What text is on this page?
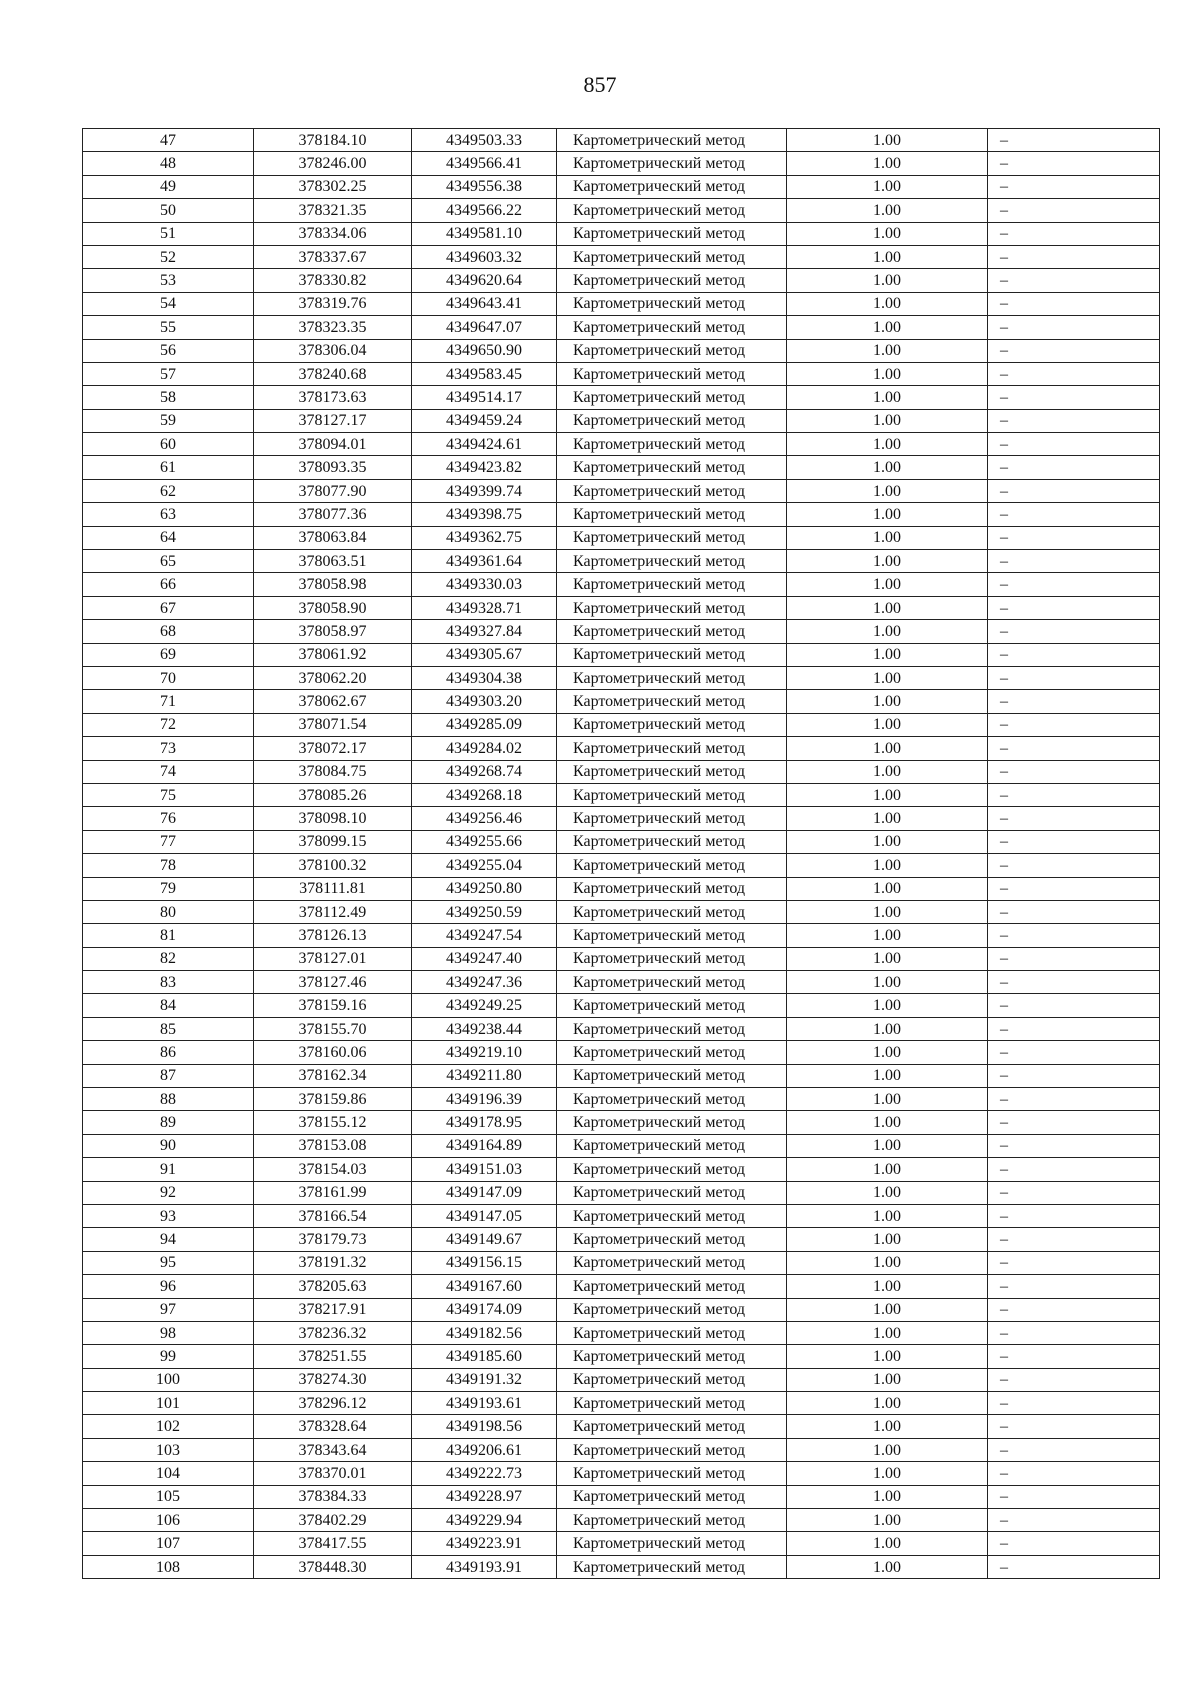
857
47	378184.10	4349503.33	Картометрический метод	1.00	–
48	378246.00	4349566.41	Картометрический метод	1.00	–
49	378302.25	4349556.38	Картометрический метод	1.00	–
50	378321.35	4349566.22	Картометрический метод	1.00	–
51	378334.06	4349581.10	Картометрический метод	1.00	–
52	378337.67	4349603.32	Картометрический метод	1.00	–
53	378330.82	4349620.64	Картометрический метод	1.00	–
54	378319.76	4349643.41	Картометрический метод	1.00	–
55	378323.35	4349647.07	Картометрический метод	1.00	–
56	378306.04	4349650.90	Картометрический метод	1.00	–
57	378240.68	4349583.45	Картометрический метод	1.00	–
58	378173.63	4349514.17	Картометрический метод	1.00	–
59	378127.17	4349459.24	Картометрический метод	1.00	–
60	378094.01	4349424.61	Картометрический метод	1.00	–
61	378093.35	4349423.82	Картометрический метод	1.00	–
62	378077.90	4349399.74	Картометрический метод	1.00	–
63	378077.36	4349398.75	Картометрический метод	1.00	–
64	378063.84	4349362.75	Картометрический метод	1.00	–
65	378063.51	4349361.64	Картометрический метод	1.00	–
66	378058.98	4349330.03	Картометрический метод	1.00	–
67	378058.90	4349328.71	Картометрический метод	1.00	–
68	378058.97	4349327.84	Картометрический метод	1.00	–
69	378061.92	4349305.67	Картометрический метод	1.00	–
70	378062.20	4349304.38	Картометрический метод	1.00	–
71	378062.67	4349303.20	Картометрический метод	1.00	–
72	378071.54	4349285.09	Картометрический метод	1.00	–
73	378072.17	4349284.02	Картометрический метод	1.00	–
74	378084.75	4349268.74	Картометрический метод	1.00	–
75	378085.26	4349268.18	Картометрический метод	1.00	–
76	378098.10	4349256.46	Картометрический метод	1.00	–
77	378099.15	4349255.66	Картометрический метод	1.00	–
78	378100.32	4349255.04	Картометрический метод	1.00	–
79	378111.81	4349250.80	Картометрический метод	1.00	–
80	378112.49	4349250.59	Картометрический метод	1.00	–
81	378126.13	4349247.54	Картометрический метод	1.00	–
82	378127.01	4349247.40	Картометрический метод	1.00	–
83	378127.46	4349247.36	Картометрический метод	1.00	–
84	378159.16	4349249.25	Картометрический метод	1.00	–
85	378155.70	4349238.44	Картометрический метод	1.00	–
86	378160.06	4349219.10	Картометрический метод	1.00	–
87	378162.34	4349211.80	Картометрический метод	1.00	–
88	378159.86	4349196.39	Картометрический метод	1.00	–
89	378155.12	4349178.95	Картометрический метод	1.00	–
90	378153.08	4349164.89	Картометрический метод	1.00	–
91	378154.03	4349151.03	Картометрический метод	1.00	–
92	378161.99	4349147.09	Картометрический метод	1.00	–
93	378166.54	4349147.05	Картометрический метод	1.00	–
94	378179.73	4349149.67	Картометрический метод	1.00	–
95	378191.32	4349156.15	Картометрический метод	1.00	–
96	378205.63	4349167.60	Картометрический метод	1.00	–
97	378217.91	4349174.09	Картометрический метод	1.00	–
98	378236.32	4349182.56	Картометрический метод	1.00	–
99	378251.55	4349185.60	Картометрический метод	1.00	–
100	378274.30	4349191.32	Картометрический метод	1.00	–
101	378296.12	4349193.61	Картометрический метод	1.00	–
102	378328.64	4349198.56	Картометрический метод	1.00	–
103	378343.64	4349206.61	Картометрический метод	1.00	–
104	378370.01	4349222.73	Картометрический метод	1.00	–
105	378384.33	4349228.97	Картометрический метод	1.00	–
106	378402.29	4349229.94	Картометрический метод	1.00	–
107	378417.55	4349223.91	Картометрический метод	1.00	–
108	378448.30	4349193.91	Картометрический метод	1.00	–
